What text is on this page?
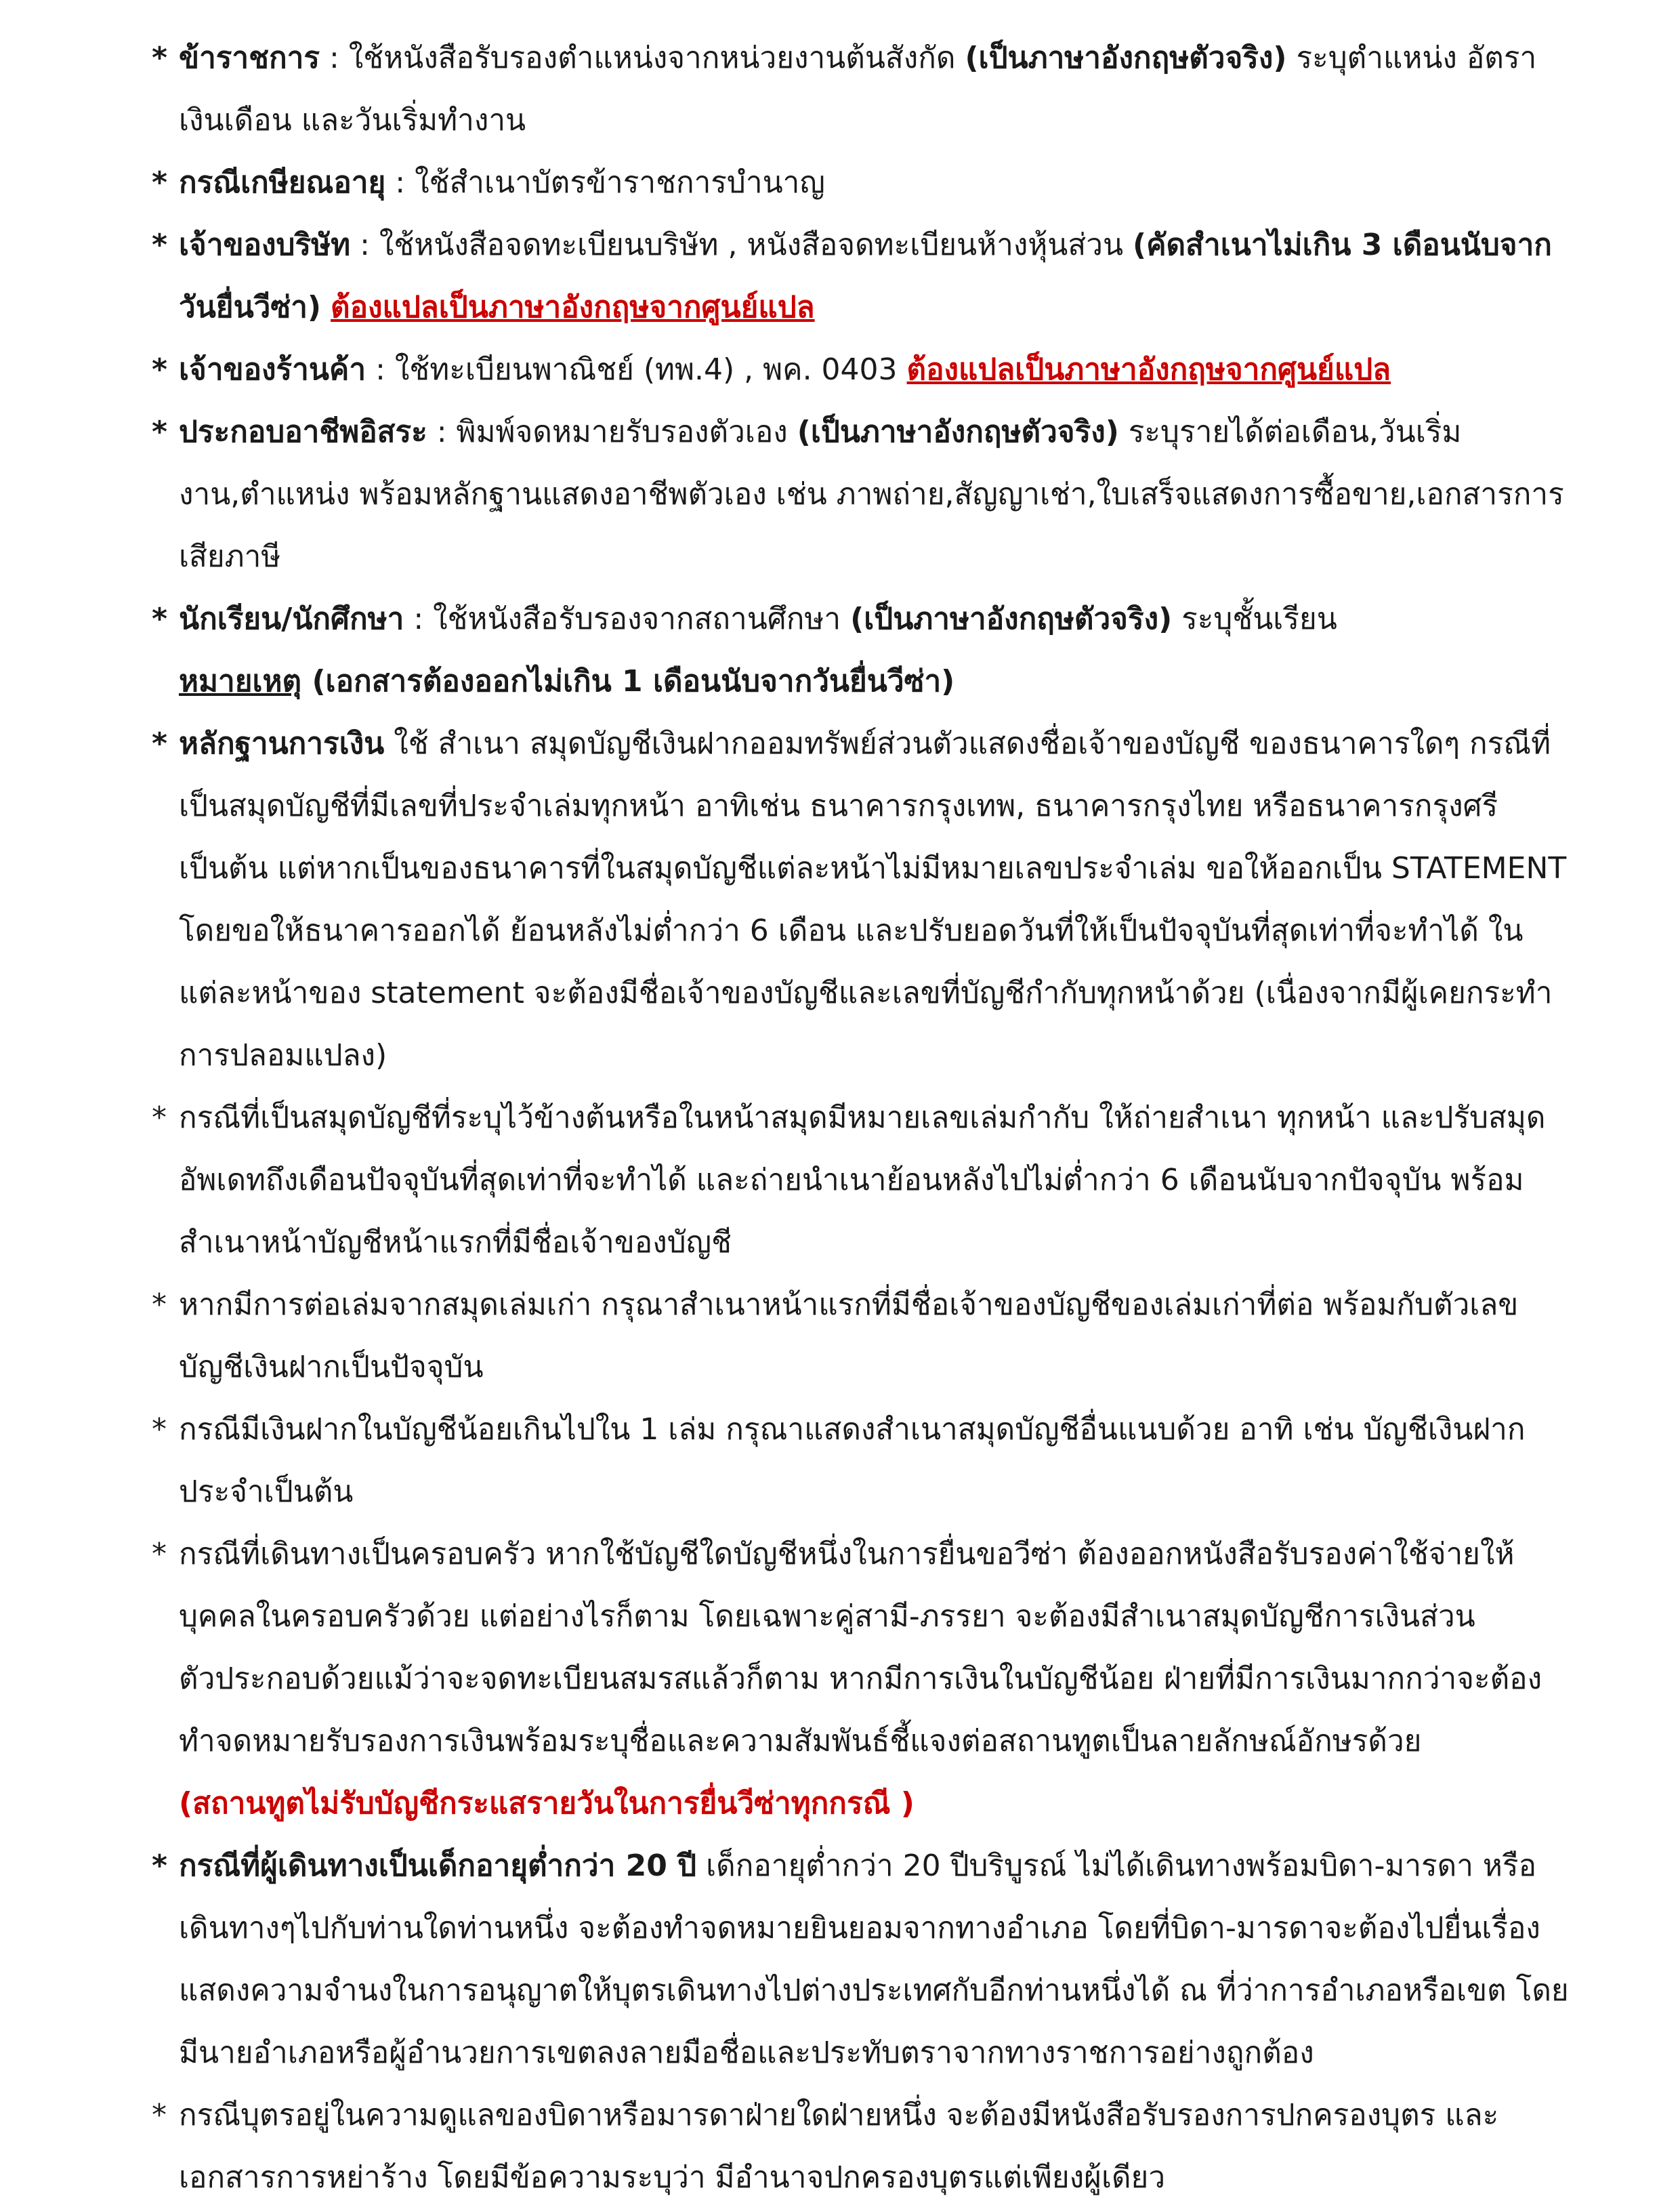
* ข้าราชการ : ใช้หนังสือรับรองตำแหน่งจากหน่วยงานต้นสังกัด (เป็นภาษาอังกฤษตัวจริง) ระบุตำแหน่ง อัตราเงินเดือน และวันเริ่มทำงาน

* กรณีเกษียณอายุ : ใช้สำเนาบัตรข้าราชการบำนาญ

* เจ้าของบริษัท : ใช้หนังสือจดทะเบียนบริษัท , หนังสือจดทะเบียนห้างหุ้นส่วน (คัดสำเนาไม่เกิน 3 เดือนนับจากวันยื่นวีซ่า) ต้องแปลเป็นภาษาอังกฤษจากศูนย์แปล

* เจ้าของร้านค้า : ใช้ทะเบียนพาณิชย์ (ทพ.4) , พค. 0403 ต้องแปลเป็นภาษาอังกฤษจากศูนย์แปล

* ประกอบอาชีพอิสระ : พิมพ์จดหมายรับรองตัวเอง (เป็นภาษาอังกฤษตัวจริง) ระบุรายได้ต่อเดือน,วันเริ่มงาน,ตำแหน่ง พร้อมหลักฐานแสดงอาชีพตัวเอง เช่น ภาพถ่าย,สัญญาเช่า,ใบเสร็จแสดงการซื้อขาย,เอกสารการเสียภาษี

* นักเรียน/นักศึกษา : ใช้หนังสือรับรองจากสถานศึกษา (เป็นภาษาอังกฤษตัวจริง) ระบุชั้นเรียน

หมายเหตุ (เอกสารต้องออกไม่เกิน 1 เดือนนับจากวันยื่นวีซ่า)

* หลักฐานการเงิน ใช้ สำเนา สมุดบัญชีเงินฝากออมทรัพย์ส่วนตัวแสดงชื่อเจ้าของบัญชี ของธนาคารใดๆ กรณีที่เป็นสมุดบัญชีที่มีเลขที่ประจำเล่มทุกหน้า อาทิเช่น ธนาคารกรุงเทพ, ธนาคารกรุงไทย หรือธนาคารกรุงศรี เป็นต้น แต่หากเป็นของธนาคารที่ในสมุดบัญชีแต่ละหน้าไม่มีหมายเลขประจำเล่ม ขอให้ออกเป็น STATEMENT โดยขอให้ธนาคารออกได้ ย้อนหลังไม่ต่ำกว่า 6 เดือน และปรับยอดวันที่ให้เป็นปัจจุบันที่สุดเท่าที่จะทำได้ ในแต่ละหน้าของ statement จะต้องมีชื่อเจ้าของบัญชีและเลขที่บัญชีกำกับทุกหน้าด้วย (เนื่องจากมีผู้เคยกระทำการปลอมแปลง)

* กรณีที่เป็นสมุดบัญชีที่ระบุไว้ข้างต้นหรือในหน้าสมุดมีหมายเลขเล่มกำกับ ให้ถ่ายสำเนา ทุกหน้า และปรับสมุดอัพเดทถึงเดือนปัจจุบันที่สุดเท่าที่จะทำได้ และถ่ายนำเนาย้อนหลังไปไม่ต่ำกว่า 6 เดือนนับจากปัจจุบัน พร้อมสำเนาหน้าบัญชีหน้าแรกที่มีชื่อเจ้าของบัญชี

* หากมีการต่อเล่มจากสมุดเล่มเก่า กรุณาสำเนาหน้าแรกที่มีชื่อเจ้าของบัญชีของเล่มเก่าที่ต่อ พร้อมกับตัวเลขบัญชีเงินฝากเป็นปัจจุบัน

* กรณีมีเงินฝากในบัญชีน้อยเกินไปใน 1 เล่ม กรุณาแสดงสำเนาสมุดบัญชีอื่นแนบด้วย อาทิ เช่น บัญชีเงินฝากประจำเป็นต้น

* กรณีที่เดินทางเป็นครอบครัว หากใช้บัญชีใดบัญชีหนึ่งในการยื่นขอวีซ่า ต้องออกหนังสือรับรองค่าใช้จ่ายให้บุคคลในครอบครัวด้วย แต่อย่างไรก็ตาม โดยเฉพาะคู่สามี-ภรรยา จะต้องมีสำเนาสมุดบัญชีการเงินส่วนตัวประกอบด้วยแม้ว่าจะจดทะเบียนสมรสแล้วก็ตาม หากมีการเงินในบัญชีน้อย ฝ่ายที่มีการเงินมากกว่าจะต้องทำจดหมายรับรองการเงินพร้อมระบุชื่อและความสัมพันธ์ชี้แจงต่อสถานทูตเป็นลายลักษณ์อักษรด้วย

(สถานทูตไม่รับบัญชีกระแสรายวันในการยื่นวีซ่าทุกกรณี )

* กรณีที่ผู้เดินทางเป็นเด็กอายุต่ำกว่า 20 ปี เด็กอายุต่ำกว่า 20 ปีบริบูรณ์ ไม่ได้เดินทางพร้อมบิดา-มารดา หรือเดินทางๆไปกับท่านใดท่านหนึ่ง จะต้องทำจดหมายยินยอมจากทางอำเภอ โดยที่บิดา-มารดาจะต้องไปยื่นเรื่องแสดงความจำนงในการอนุญาตให้บุตรเดินทางไปต่างประเทศกับอีกท่านหนึ่งได้ ณ ที่ว่าการอำเภอหรือเขต โดยมีนายอำเภอหรือผู้อำนวยการเขตลงลายมือชื่อและประทับตราจากทางราชการอย่างถูกต้อง

* กรณีบุตรอยู่ในความดูแลของบิดาหรือมารดาฝ่ายใดฝ่ายหนึ่ง จะต้องมีหนังสือรับรองการปกครองบุตร และเอกสารการหย่าร้าง โดยมีข้อความระบุว่า มีอำนาจปกครองบุตรแต่เพียงผู้เดียว
